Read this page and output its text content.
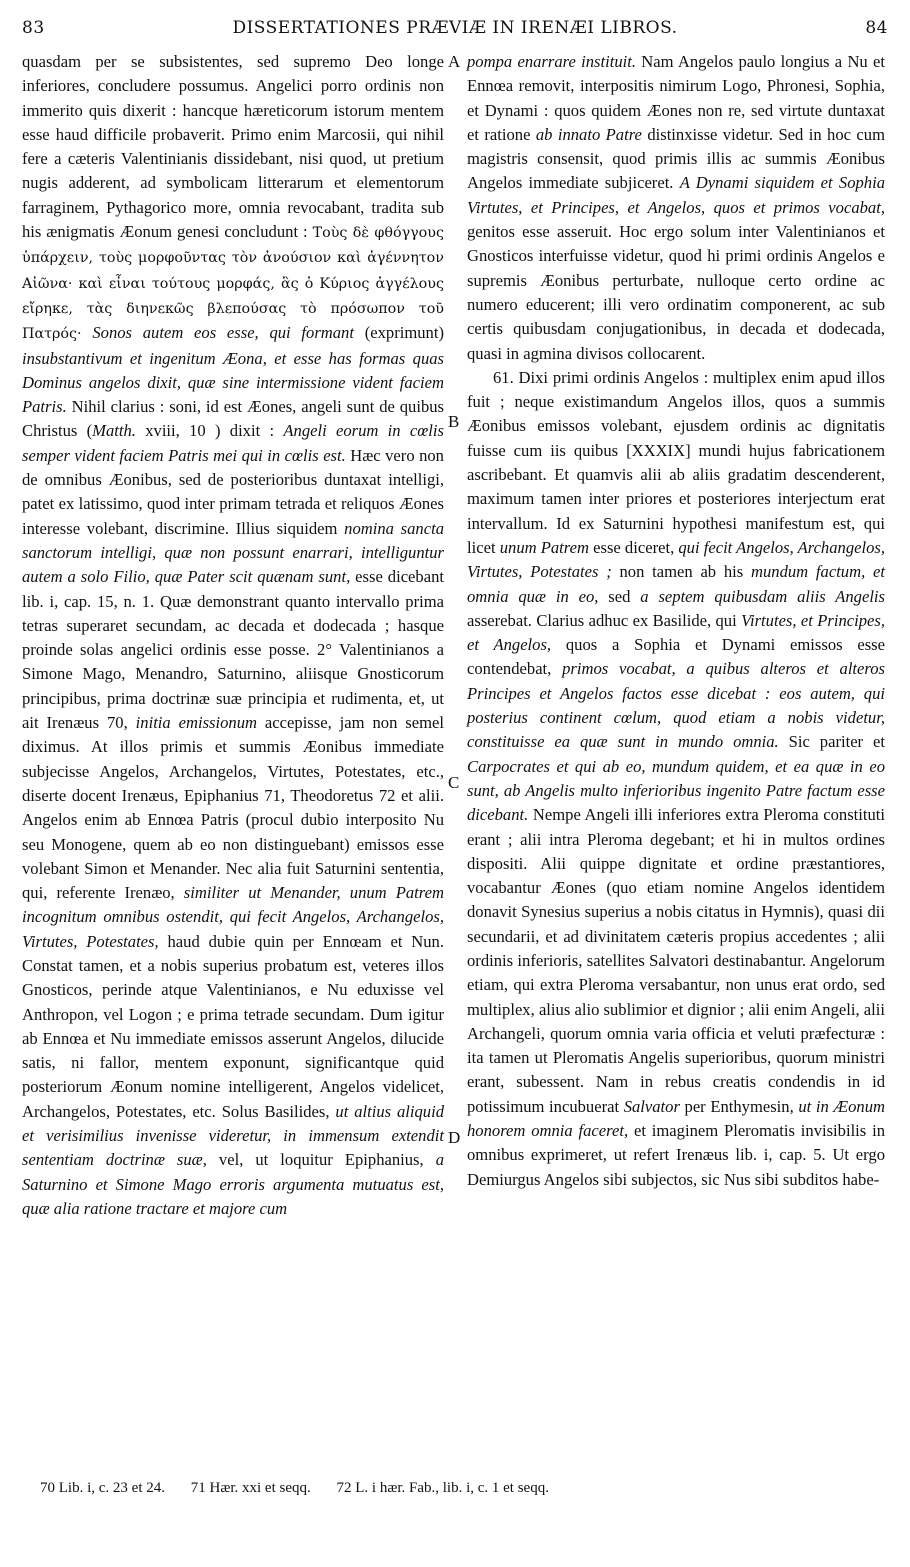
83	DISSERTATIONES PRÆVIÆ IN IRENÆI LIBROS.	84
A
B
C
D

quasdam per se subsistentes, sed supremo Deo longe inferiores, concludere possumus. Angelici porro ordinis non immerito quis dixerit : hancque hæreticorum istorum mentem esse haud difficile probaverit. Primo enim Marcosii, qui nihil fere a cæteris Valentinianis dissidebant, nisi quod, ut pretium nugis adderent, ad symbolicam litterarum et elementorum farraginem, Pythagorico more, omnia revocabant, tradita sub his ænigmatis Æonum genesi concludunt : Τοὺς δὲ φθόγγους ὑπάρχειν, τοὺς μορφοῦντας τὸν ἀνούσιον καὶ ἀγέννητον Αἰῶνα· καὶ εἶναι τούτους μορφάς, ἃς ὁ Κύριος ἀγγέλους εἴρηκε, τὰς διηνεκῶς βλεπούσας τὸ πρόσωπον τοῦ Πατρός· Sonos autem eos esse, qui formant (exprimunt) insubstantivum et ingenitum Æona, et esse has formas quas Dominus angelos dixit, quæ sine intermissione vident faciem Patris. Nihil clarius : soni, id est Æones, angeli sunt de quibus Christus (Matth. xviii, 10 ) dixit : Angeli eorum in cœlis semper vident faciem Patris mei qui in cœlis est. Hæc vero non de omnibus Æonibus, sed de posterioribus duntaxat intelligi, patet ex latissimo, quod inter primam tetrada et reliquos Æones interesse volebant, discrimine. Illius siquidem nomina sancta sanctorum intelligi, quæ non possunt enarrari, intelliguntur autem a solo Filio, quæ Pater scit quænam sunt, esse dicebant lib. i, cap. 15, n. 1. Quæ demonstrant quanto intervallo prima tetras superaret secundam, ac decada et dodecada ; hasque proinde solas angelici ordinis esse posse. 2° Valentinianos a Simone Mago, Menandro, Saturnino, aliisque Gnosticorum principibus, prima doctrinæ suæ principia et rudimenta, et, ut ait Irenæus 70, initia emissionum accepisse, jam non semel diximus. At illos primis et summis Æonibus immediate subjecisse Angelos, Archangelos, Virtutes, Potestates, etc., diserte docent Irenæus, Epiphanius 71, Theodoretus 72 et alii. Angelos enim ab Ennœa Patris (procul dubio interposito Nu seu Monogene, quem ab eo non distinguebant) emissos esse volebant Simon et Menander. Nec alia fuit Saturnini sententia, qui, referente Irenæo, similiter ut Menander, unum Patrem incognitum omnibus ostendit, qui fecit Angelos, Archangelos, Virtutes, Potestates, haud dubie quin per Ennœam et Nun. Constat tamen, et a nobis superius probatum est, veteres illos Gnosticos, perinde atque Valentinianos, e Nu eduxisse vel Anthropon, vel Logon ; e prima tetrade secundam. Dum igitur ab Ennœa et Nu immediate emissos asserunt Angelos, dilucide satis, ni fallor, mentem exponunt, significantque quid posteriorum Æonum nomine intelligerent, Angelos videlicet, Archangelos, Potestates, etc. Solus Basilides, ut altius aliquid et verisimilius invenisse videretur, in immensum extendit sententiam doctrinæ suæ, vel, ut loquitur Epiphanius, a Saturnino et Simone Mago erroris argumenta mutuatus est, quæ alia ratione tractare et majore cum

pompa enarrare instituit. Nam Angelos paulo longius a Nu et Ennœa removit, interpositis nimirum Logo, Phronesi, Sophia, et Dynami : quos quidem Æones non re, sed virtute duntaxat et ratione ab innato Patre distinxisse videtur. Sed in hoc cum magistris consensit, quod primis illis ac summis Æonibus Angelos immediate subjiceret. A Dynami siquidem et Sophia Virtutes, et Principes, et Angelos, quos et primos vocabat, genitos esse asseruit. Hoc ergo solum inter Valentinianos et Gnosticos interfuisse videtur, quod hi primi ordinis Angelos e supremis Æonibus perturbate, nulloque certo ordine ac numero educerent; illi vero ordinatim componerent, ac sub certis quibusdam conjugationibus, in decada et dodecada, quasi in agmina divisos collocarent.

61. Dixi primi ordinis Angelos : multiplex enim apud illos fuit ; neque existimandum Angelos illos, quos a summis Æonibus emissos volebant, ejusdem ordinis ac dignitatis fuisse cum iis quibus [XXXIX] mundi hujus fabricationem ascribebant. Et quamvis alii ab aliis gradatim descenderent, maximum tamen inter priores et posteriores interjectum erat intervallum. Id ex Saturnini hypothesi manifestum est, qui licet unum Patrem esse diceret, qui fecit Angelos, Archangelos, Virtutes, Potestates ; non tamen ab his mundum factum, et omnia quæ in eo, sed a septem quibusdam aliis Angelis asserebat. Clarius adhuc ex Basilide, qui Virtutes, et Principes, et Angelos, quos a Sophia et Dynami emissos esse contendebat, primos vocabat, a quibus alteros et alteros Principes et Angelos factos esse dicebat : eos autem, qui posterius continent cœlum, quod etiam a nobis videtur, constituisse ea quæ sunt in mundo omnia. Sic pariter et Carpocrates et qui ab eo, mundum quidem, et ea quæ in eo sunt, ab Angelis multo inferioribus ingenito Patre factum esse dicebant. Nempe Angeli illi inferiores extra Pleroma constituti erant ; alii intra Pleroma degebant; et hi in multos ordines dispositi. Alii quippe dignitate et ordine præstantiores, vocabantur Æones (quo etiam nomine Angelos identidem donavit Synesius superius a nobis citatus in Hymnis), quasi dii secundarii, et ad divinitatem cæteris propius accedentes ; alii ordinis inferioris, satellites Salvatori destinabantur. Angelorum etiam, qui extra Pleroma versabantur, non unus erat ordo, sed multiplex, alius alio sublimior et dignior ; alii enim Angeli, alii Archangeli, quorum omnia varia officia et veluti præfecturæ : ita tamen ut Pleromatis Angelis superioribus, quorum ministri erant, subessent. Nam in rebus creatis condendis in id potissimum incubuerat Salvator per Enthymesin, ut in Æonum honorem omnia faceret, et imaginem Pleromatis invisibilis in omnibus exprimeret, ut refert Irenæus lib. i, cap. 5. Ut ergo Demiurgus Angelos sibi subjectos, sic Nus sibi subditos habe-

70 Lib. i, c. 23 et 24. 71 Hær. xxi et seqq. 72 L. i hær. Fab., lib. i, c. 1 et seqq.
